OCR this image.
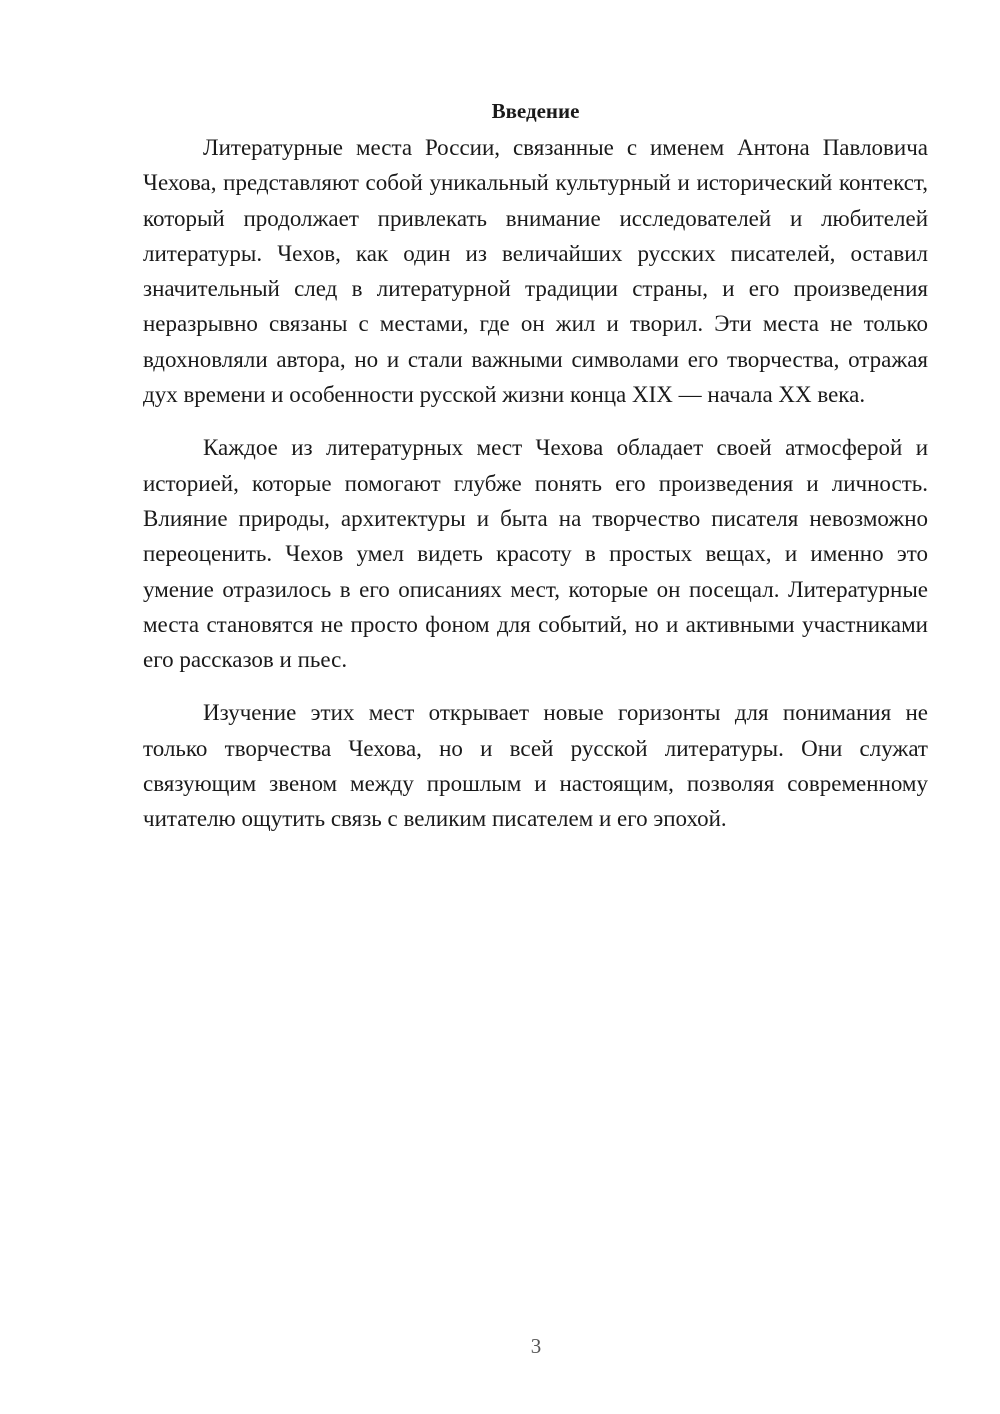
Введение

Литературные места России, связанные с именем Антона Павловича Чехова, представляют собой уникальный культурный и исторический контекст, который продолжает привлекать внимание исследователей и любителей литературы. Чехов, как один из величайших русских писателей, оставил значительный след в литературной традиции страны, и его произведения неразрывно связаны с местами, где он жил и творил. Эти места не только вдохновляли автора, но и стали важными символами его творчества, отражая дух времени и особенности русской жизни конца XIX — начала XX века.

Каждое из литературных мест Чехова обладает своей атмосферой и историей, которые помогают глубже понять его произведения и личность. Влияние природы, архитектуры и быта на творчество писателя невозможно переоценить. Чехов умел видеть красоту в простых вещах, и именно это умение отразилось в его описаниях мест, которые он посещал. Литературные места становятся не просто фоном для событий, но и активными участниками его рассказов и пьес.

Изучение этих мест открывает новые горизонты для понимания не только творчества Чехова, но и всей русской литературы. Они служат связующим звеном между прошлым и настоящим, позволяя современному читателю ощутить связь с великим писателем и его эпохой.

3
